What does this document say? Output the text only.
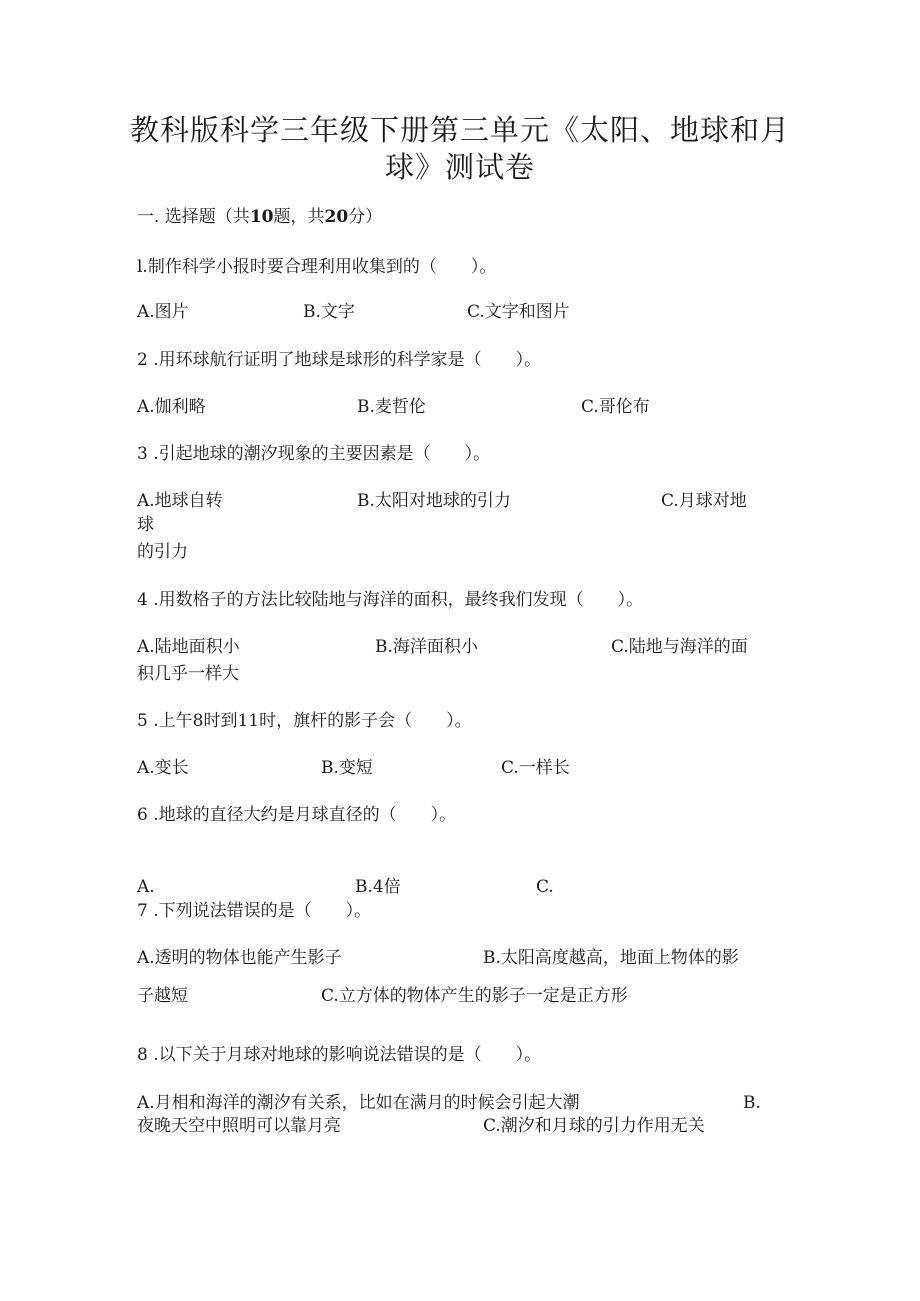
教科版科学三年级下册第三单元《太阳、地球和月
球》测试卷
一. 选择题（共10题，共20分）
l.制作科学小报时要合理利用收集到的（　　）。
A.图片	B.文字	C.文字和图片
2 .用环球航行证明了地球是球形的科学家是（　　）。
A.伽利略	B.麦哲伦	C.哥伦布
3 .引起地球的潮汐现象的主要因素是（　　）。
A.地球自转	B.太阳对地球的引力	C.月球对地
球
的引力
4 .用数格子的方法比较陆地与海洋的面积，最终我们发现（　　）。
A.陆地面积小	B.海洋面积小	C.陆地与海洋的面
积几乎一样大
5 .上午8时到11时，旗杆的影子会（　　）。
A.变长	B.变短	C.一样长
6 .地球的直径大约是月球直径的（　　）。
A.	B.4倍	C.
7 .下列说法错误的是（　　）。
A.透明的物体也能产生影子	B.太阳高度越高，地面上物体的影
子越短	C.立方体的物体产生的影子一定是正方形
8 .以下关于月球对地球的影响说法错误的是（　　）。
A.月相和海洋的潮汐有关系，比如在满月的时候会引起大潮	B.
夜晚天空中照明可以靠月亮	C.潮汐和月球的引力作用无关
